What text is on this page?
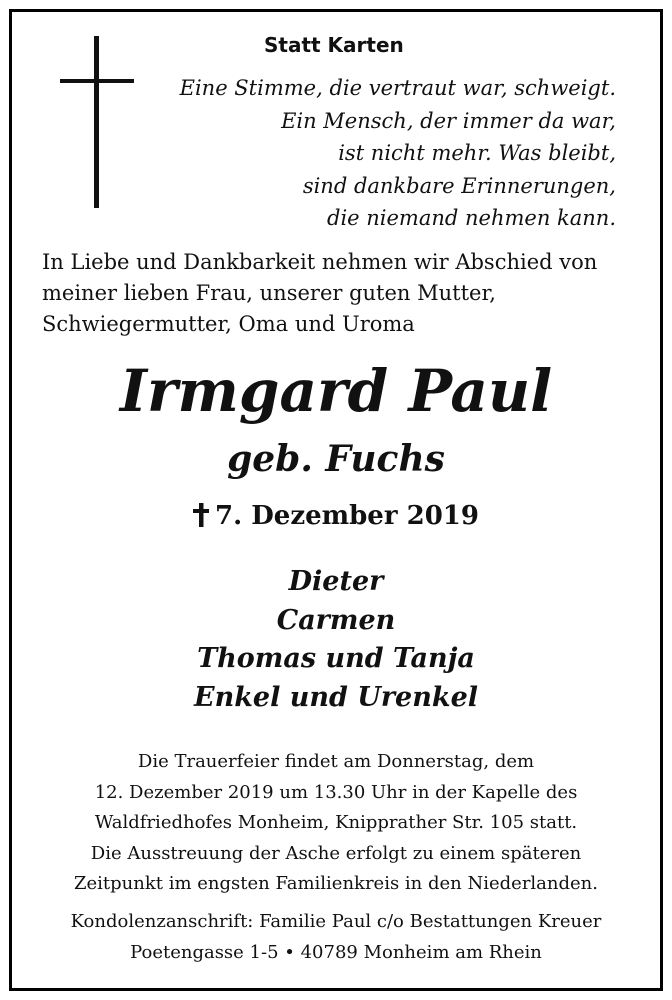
Statt Karten
Eine Stimme, die vertraut war, schweigt.
Ein Mensch, der immer da war,
ist nicht mehr. Was bleibt,
sind dankbare Erinnerungen,
die niemand nehmen kann.
In Liebe und Dankbarkeit nehmen wir Abschied von
meiner lieben Frau, unserer guten Mutter,
Schwiegermutter, Oma und Uroma
Irmgard Paul
geb. Fuchs
7. Dezember 2019
Dieter
Carmen
Thomas und Tanja
Enkel und Urenkel
Die Trauerfeier findet am Donnerstag, dem
12. Dezember 2019 um 13.30 Uhr in der Kapelle des
Waldfriedhofes Monheim, Knipprather Str. 105 statt.
Die Ausstreuung der Asche erfolgt zu einem späteren
Zeitpunkt im engsten Familienkreis in den Niederlanden.
Kondolenzanschrift: Familie Paul c/o Bestattungen Kreuer
Poetengasse 1-5 • 40789 Monheim am Rhein
